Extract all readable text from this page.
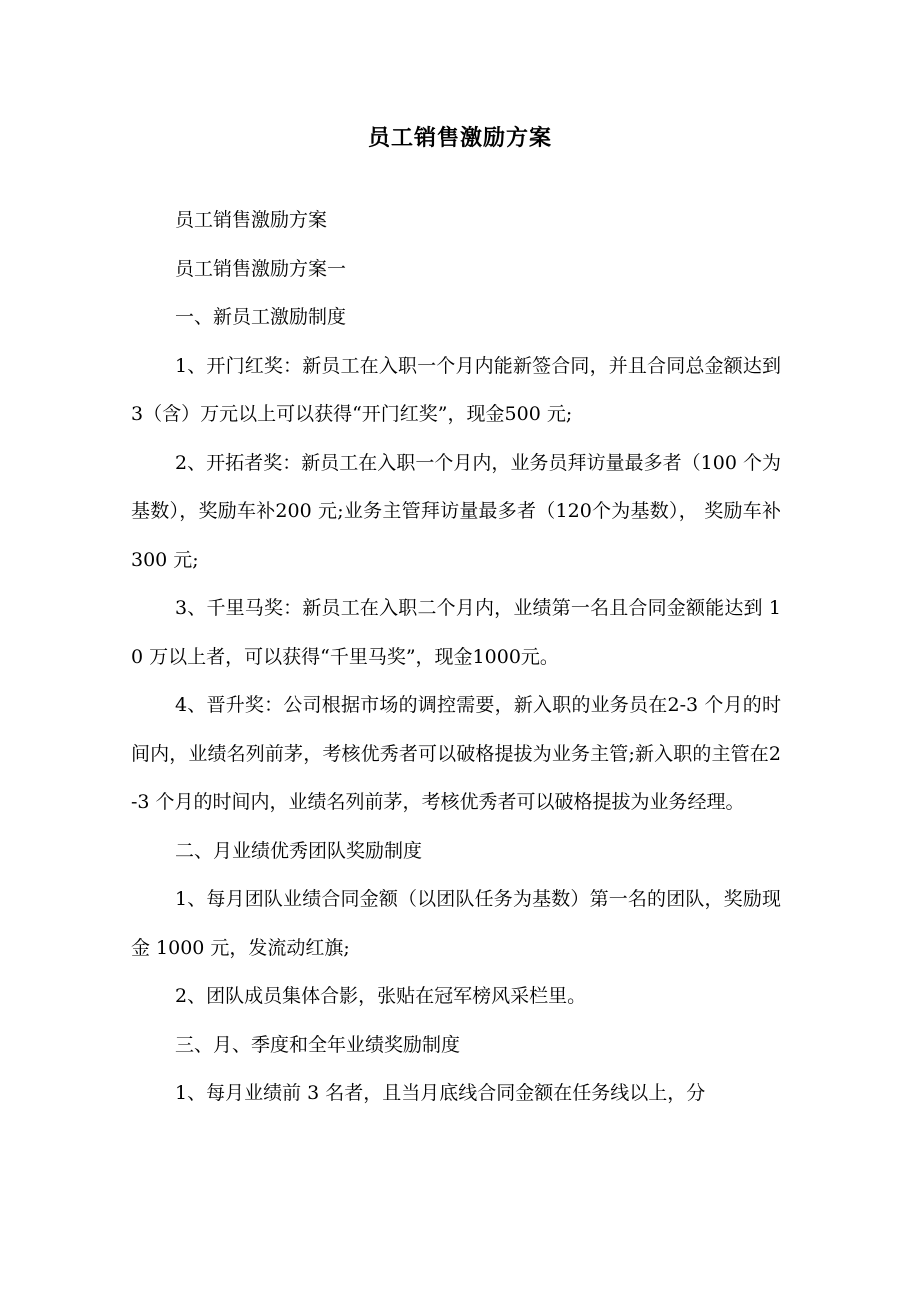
员工销售激励方案

员工销售激励方案

员工销售激励方案一

一、新员工激励制度

1、开门红奖：新员工在入职一个月内能新签合同，并且合同总金额达到3（含）万元以上可以获得“开门红奖”，现金500 元;

2、开拓者奖：新员工在入职一个月内，业务员拜访量最多者（100 个为基数），奖励车补200 元;业务主管拜访量最多者（120个为基数）， 奖励车补 300 元;

3、千里马奖：新员工在入职二个月内，业绩第一名且合同金额能达到 10 万以上者，可以获得“千里马奖”，现金1000元。

4、晋升奖：公司根据市场的调控需要，新入职的业务员在2-3 个月的时间内，业绩名列前茅，考核优秀者可以破格提拔为业务主管;新入职的主管在2-3 个月的时间内，业绩名列前茅，考核优秀者可以破格提拔为业务经理。

二、月业绩优秀团队奖励制度

1、每月团队业绩合同金额（以团队任务为基数）第一名的团队，奖励现金 1000 元，发流动红旗;

2、团队成员集体合影，张贴在冠军榜风采栏里。

三、月、季度和全年业绩奖励制度

1、每月业绩前 3 名者，且当月底线合同金额在任务线以上，分
